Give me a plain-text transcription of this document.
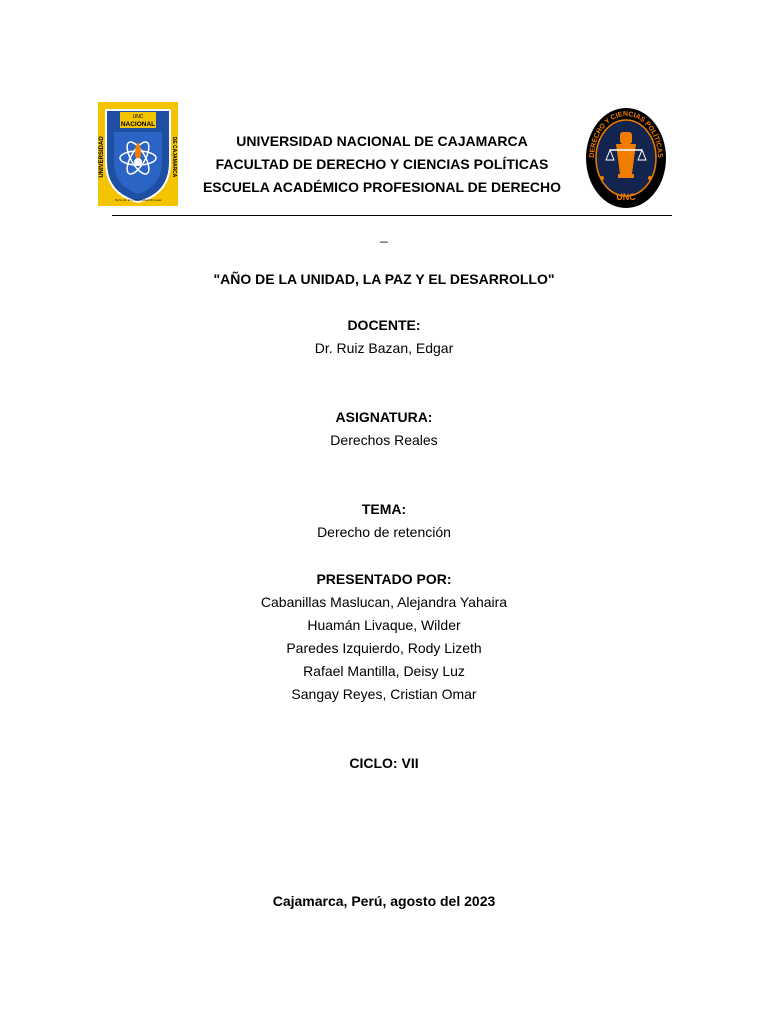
UNC
NACIONAL
UNIVERSIDAD	DE CAJAMARCA
Norte de la Universidad Peruana
DERECHO Y CIENCIAS POLÍTICAS
UNC

UNIVERSIDAD NACIONAL DE CAJAMARCA

FACULTAD DE DERECHO Y CIENCIAS POLÍTICAS

ESCUELA ACADÉMICO PROFESIONAL DE DERECHO

_
"AÑO DE LA UNIDAD, LA PAZ Y EL DESARROLLO"

DOCENTE:

Dr. Ruiz Bazan, Edgar

ASIGNATURA:

Derechos Reales

TEMA:

Derecho de retención

PRESENTADO POR:

Cabanillas Maslucan, Alejandra Yahaira

Huamán Livaque, Wilder

Paredes Izquierdo, Rody Lizeth

Rafael Mantilla, Deisy Luz

Sangay Reyes, Cristian Omar

CICLO: VII
Cajamarca, Perú, agosto del 2023
